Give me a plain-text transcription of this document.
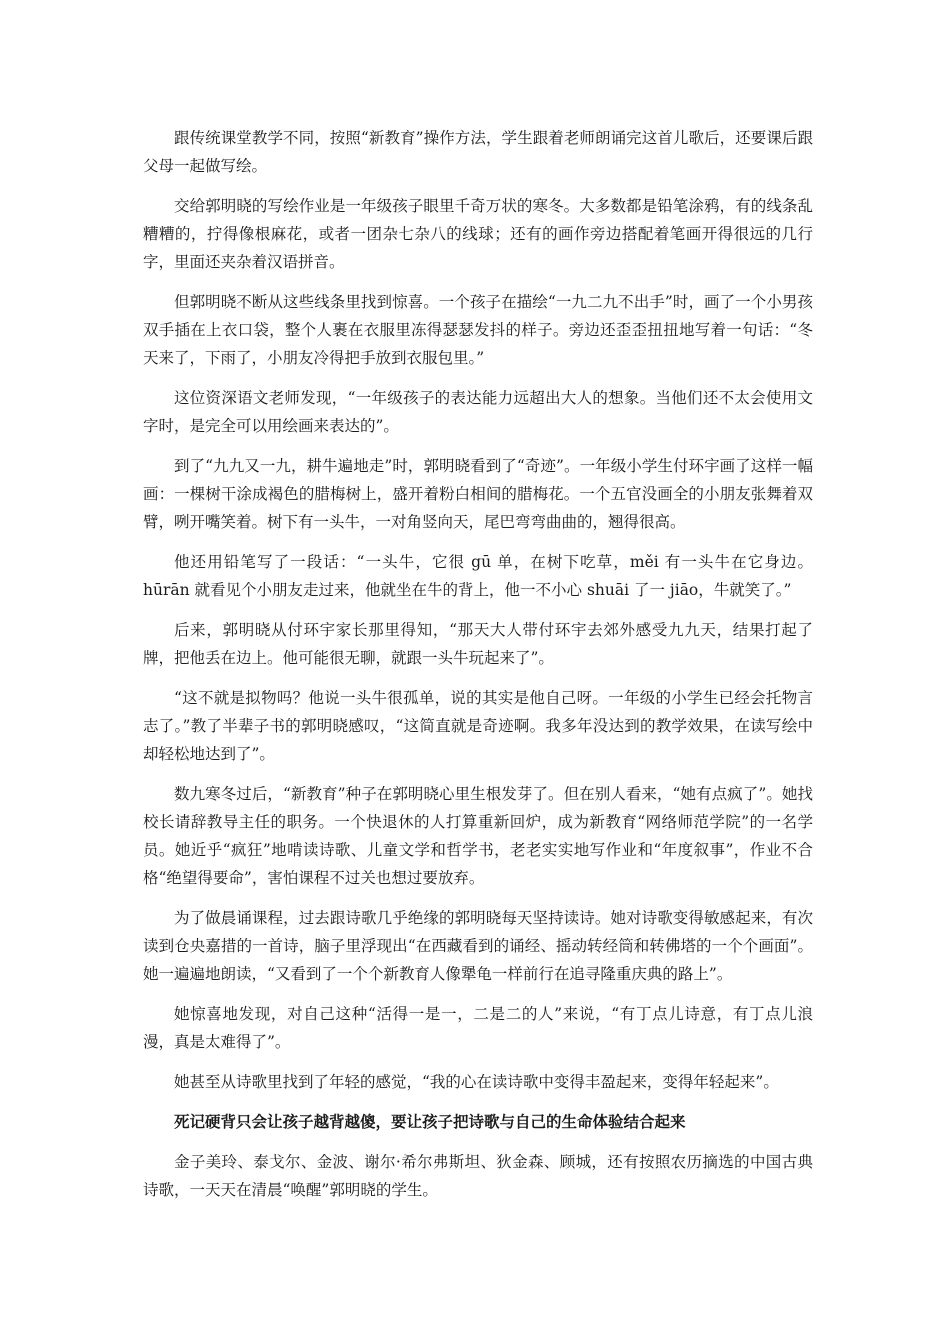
跟传统课堂教学不同，按照“新教育”操作方法，学生跟着老师朗诵完这首儿歌后，还要课后跟父母一起做写绘。

交给郭明晓的写绘作业是一年级孩子眼里千奇万状的寒冬。大多数都是铅笔涂鸦，有的线条乱糟糟的，拧得像根麻花，或者一团杂七杂八的线球；还有的画作旁边搭配着笔画开得很远的几行字，里面还夹杂着汉语拼音。

但郭明晓不断从这些线条里找到惊喜。一个孩子在描绘“一九二九不出手”时，画了一个小男孩双手插在上衣口袋，整个人裹在衣服里冻得瑟瑟发抖的样子。旁边还歪歪扭扭地写着一句话：“冬天来了，下雨了，小朋友冷得把手放到衣服包里。”

这位资深语文老师发现，“一年级孩子的表达能力远超出大人的想象。当他们还不太会使用文字时，是完全可以用绘画来表达的”。

到了“九九又一九，耕牛遍地走”时，郭明晓看到了“奇迹”。一年级小学生付环宇画了这样一幅画：一棵树干涂成褐色的腊梅树上，盛开着粉白相间的腊梅花。一个五官没画全的小朋友张舞着双臂，咧开嘴笑着。树下有一头牛，一对角竖向天，尾巴弯弯曲曲的，翘得很高。

他还用铅笔写了一段话：“一头牛，它很 gū 单，在树下吃草，měi 有一头牛在它身边。hūrān 就看见个小朋友走过来，他就坐在牛的背上，他一不小心 shuāi 了一 jiāo，牛就笑了。”

后来，郭明晓从付环宇家长那里得知，“那天大人带付环宇去郊外感受九九天，结果打起了牌，把他丢在边上。他可能很无聊，就跟一头牛玩起来了”。

“这不就是拟物吗？他说一头牛很孤单，说的其实是他自己呀。一年级的小学生已经会托物言志了。”教了半辈子书的郭明晓感叹，“这简直就是奇迹啊。我多年没达到的教学效果，在读写绘中却轻松地达到了”。

数九寒冬过后，“新教育”种子在郭明晓心里生根发芽了。但在别人看来，“她有点疯了”。她找校长请辞教导主任的职务。一个快退休的人打算重新回炉，成为新教育“网络师范学院”的一名学员。她近乎“疯狂”地啃读诗歌、儿童文学和哲学书，老老实实地写作业和“年度叙事”，作业不合格“绝望得要命”，害怕课程不过关也想过要放弃。

为了做晨诵课程，过去跟诗歌几乎绝缘的郭明晓每天坚持读诗。她对诗歌变得敏感起来，有次读到仓央嘉措的一首诗，脑子里浮现出“在西藏看到的诵经、摇动转经筒和转佛塔的一个个画面”。她一遍遍地朗读，“又看到了一个个新教育人像犟龟一样前行在追寻隆重庆典的路上”。

她惊喜地发现，对自己这种“活得一是一，二是二的人”来说，“有丁点儿诗意，有丁点儿浪漫，真是太难得了”。

她甚至从诗歌里找到了年轻的感觉，“我的心在读诗歌中变得丰盈起来，变得年轻起来”。

死记硬背只会让孩子越背越傻，要让孩子把诗歌与自己的生命体验结合起来

金子美玲、泰戈尔、金波、谢尔·希尔弗斯坦、狄金森、顾城，还有按照农历摘选的中国古典诗歌，一天天在清晨“唤醒”郭明晓的学生。
